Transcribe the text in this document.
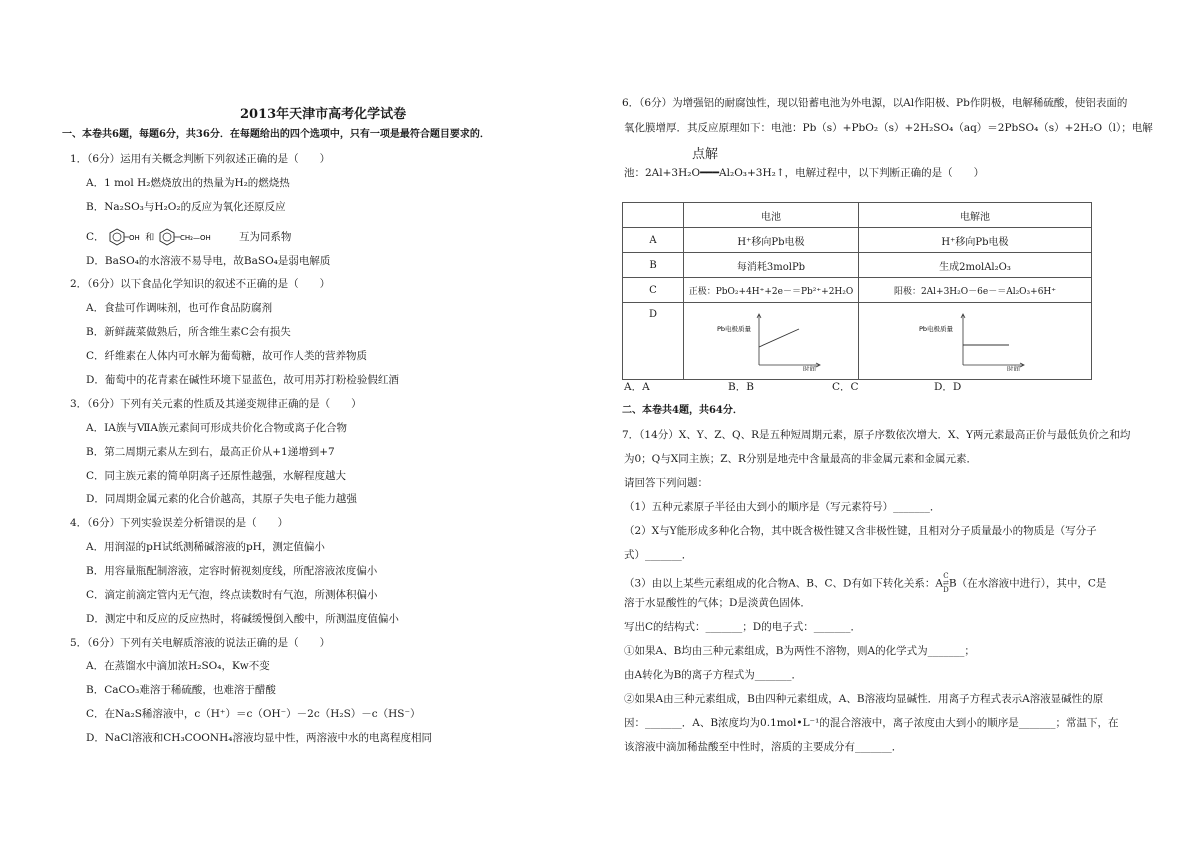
2013年天津市高考化学试卷
一、本卷共6题，每题6分，共36分．在每题给出的四个选项中，只有一项是最符合题目要求的．
1．（6分）运用有关概念判断下列叙述正确的是（　　）
A．1 mol H₂燃烧放出的热量为H₂的燃烧热
B．Na₂SO₃与H₂O₂的反应为氧化还原反应
C．	OH 和	CH₂—OH	互为同系物
D．BaSO₄的水溶液不易导电，故BaSO₄是弱电解质
2．（6分）以下食品化学知识的叙述不正确的是（　　）
A．食盐可作调味剂，也可作食品防腐剂
B．新鲜蔬菜做熟后，所含维生素C会有损失
C．纤维素在人体内可水解为葡萄糖，故可作人类的营养物质
D．葡萄中的花青素在碱性环境下显蓝色，故可用苏打粉检验假红酒
3．（6分）下列有关元素的性质及其递变规律正确的是（　　）
A．ⅠA族与ⅦA族元素间可形成共价化合物或离子化合物
B．第二周期元素从左到右，最高正价从+1递增到+7
C．同主族元素的简单阴离子还原性越强，水解程度越大
D．同周期金属元素的化合价越高，其原子失电子能力越强
4．（6分）下列实验误差分析错误的是（　　）
A．用润湿的pH试纸测稀碱溶液的pH，测定值偏小
B．用容量瓶配制溶液，定容时俯视刻度线，所配溶液浓度偏小
C．滴定前滴定管内无气泡，终点读数时有气泡，所测体积偏小
D．测定中和反应的反应热时，将碱缓慢倒入酸中，所测温度值偏小
5．（6分）下列有关电解质溶液的说法正确的是（　　）
A．在蒸馏水中滴加浓H₂SO₄，Kw不变
B．CaCO₃难溶于稀硫酸，也难溶于醋酸
C．在Na₂S稀溶液中，c（H⁺）＝c（OH⁻）－2c（H₂S）－c（HS⁻）
D．NaCl溶液和CH₃COONH₄溶液均显中性，两溶液中水的电离程度相同
6．（6分）为增强铝的耐腐蚀性，现以铅蓄电池为外电源，以Al作阳极、Pb作阴极，电解稀硫酸，使铝表面的
氧化膜增厚．其反应原理如下：电池：Pb（s）+PbO₂（s）+2H₂SO₄（aq）＝2PbSO₄（s）+2H₂O（l）；电解
点解
池：2Al+3H₂O━━━Al₂O₃+3H₂↑，电解过程中，以下判断正确的是（　　）
	电池	电解池
A	H⁺移向Pb电极	H⁺移向Pb电极
B	每消耗3molPb	生成2molAl₂O₃
C	正极：PbO₂+4H⁺+2e－＝Pb²⁺+2H₂O	阳极：2Al+3H₂O－6e－＝Al₂O₃+6H⁺
D	Pb电极质量
时间	Pb电极质量
时间
A．A	B．B	C．C	D．D
二、本卷共4题，共64分．
7．（14分）X、Y、Z、Q、R是五种短周期元素，原子序数依次增大．X、Y两元素最高正价与最低负价之和均
为0；Q与X同主族；Z、R分别是地壳中含量最高的非金属元素和金属元素．
请回答下列问题：
（1）五种元素原子半径由大到小的顺序是（写元素符号）_______．
（2）X与Y能形成多种化合物，其中既含极性键又含非极性键，且相对分子质量最小的物质是（写分子
式）_______．
（3）由以上某些元素组成的化合物A、B、C、D有如下转化关系：A
C
⇄
D
B（在水溶液中进行），其中，C是
溶于水显酸性的气体；D是淡黄色固体．
写出C的结构式：_______；D的电子式：_______．
①如果A、B均由三种元素组成，B为两性不溶物，则A的化学式为_______；
由A转化为B的离子方程式为_______．
②如果A由三种元素组成，B由四种元素组成，A、B溶液均显碱性．用离子方程式表示A溶液显碱性的原
因：_______．A、B浓度均为0.1mol•L⁻¹的混合溶液中，离子浓度由大到小的顺序是_______；常温下，在
该溶液中滴加稀盐酸至中性时，溶质的主要成分有_______．
